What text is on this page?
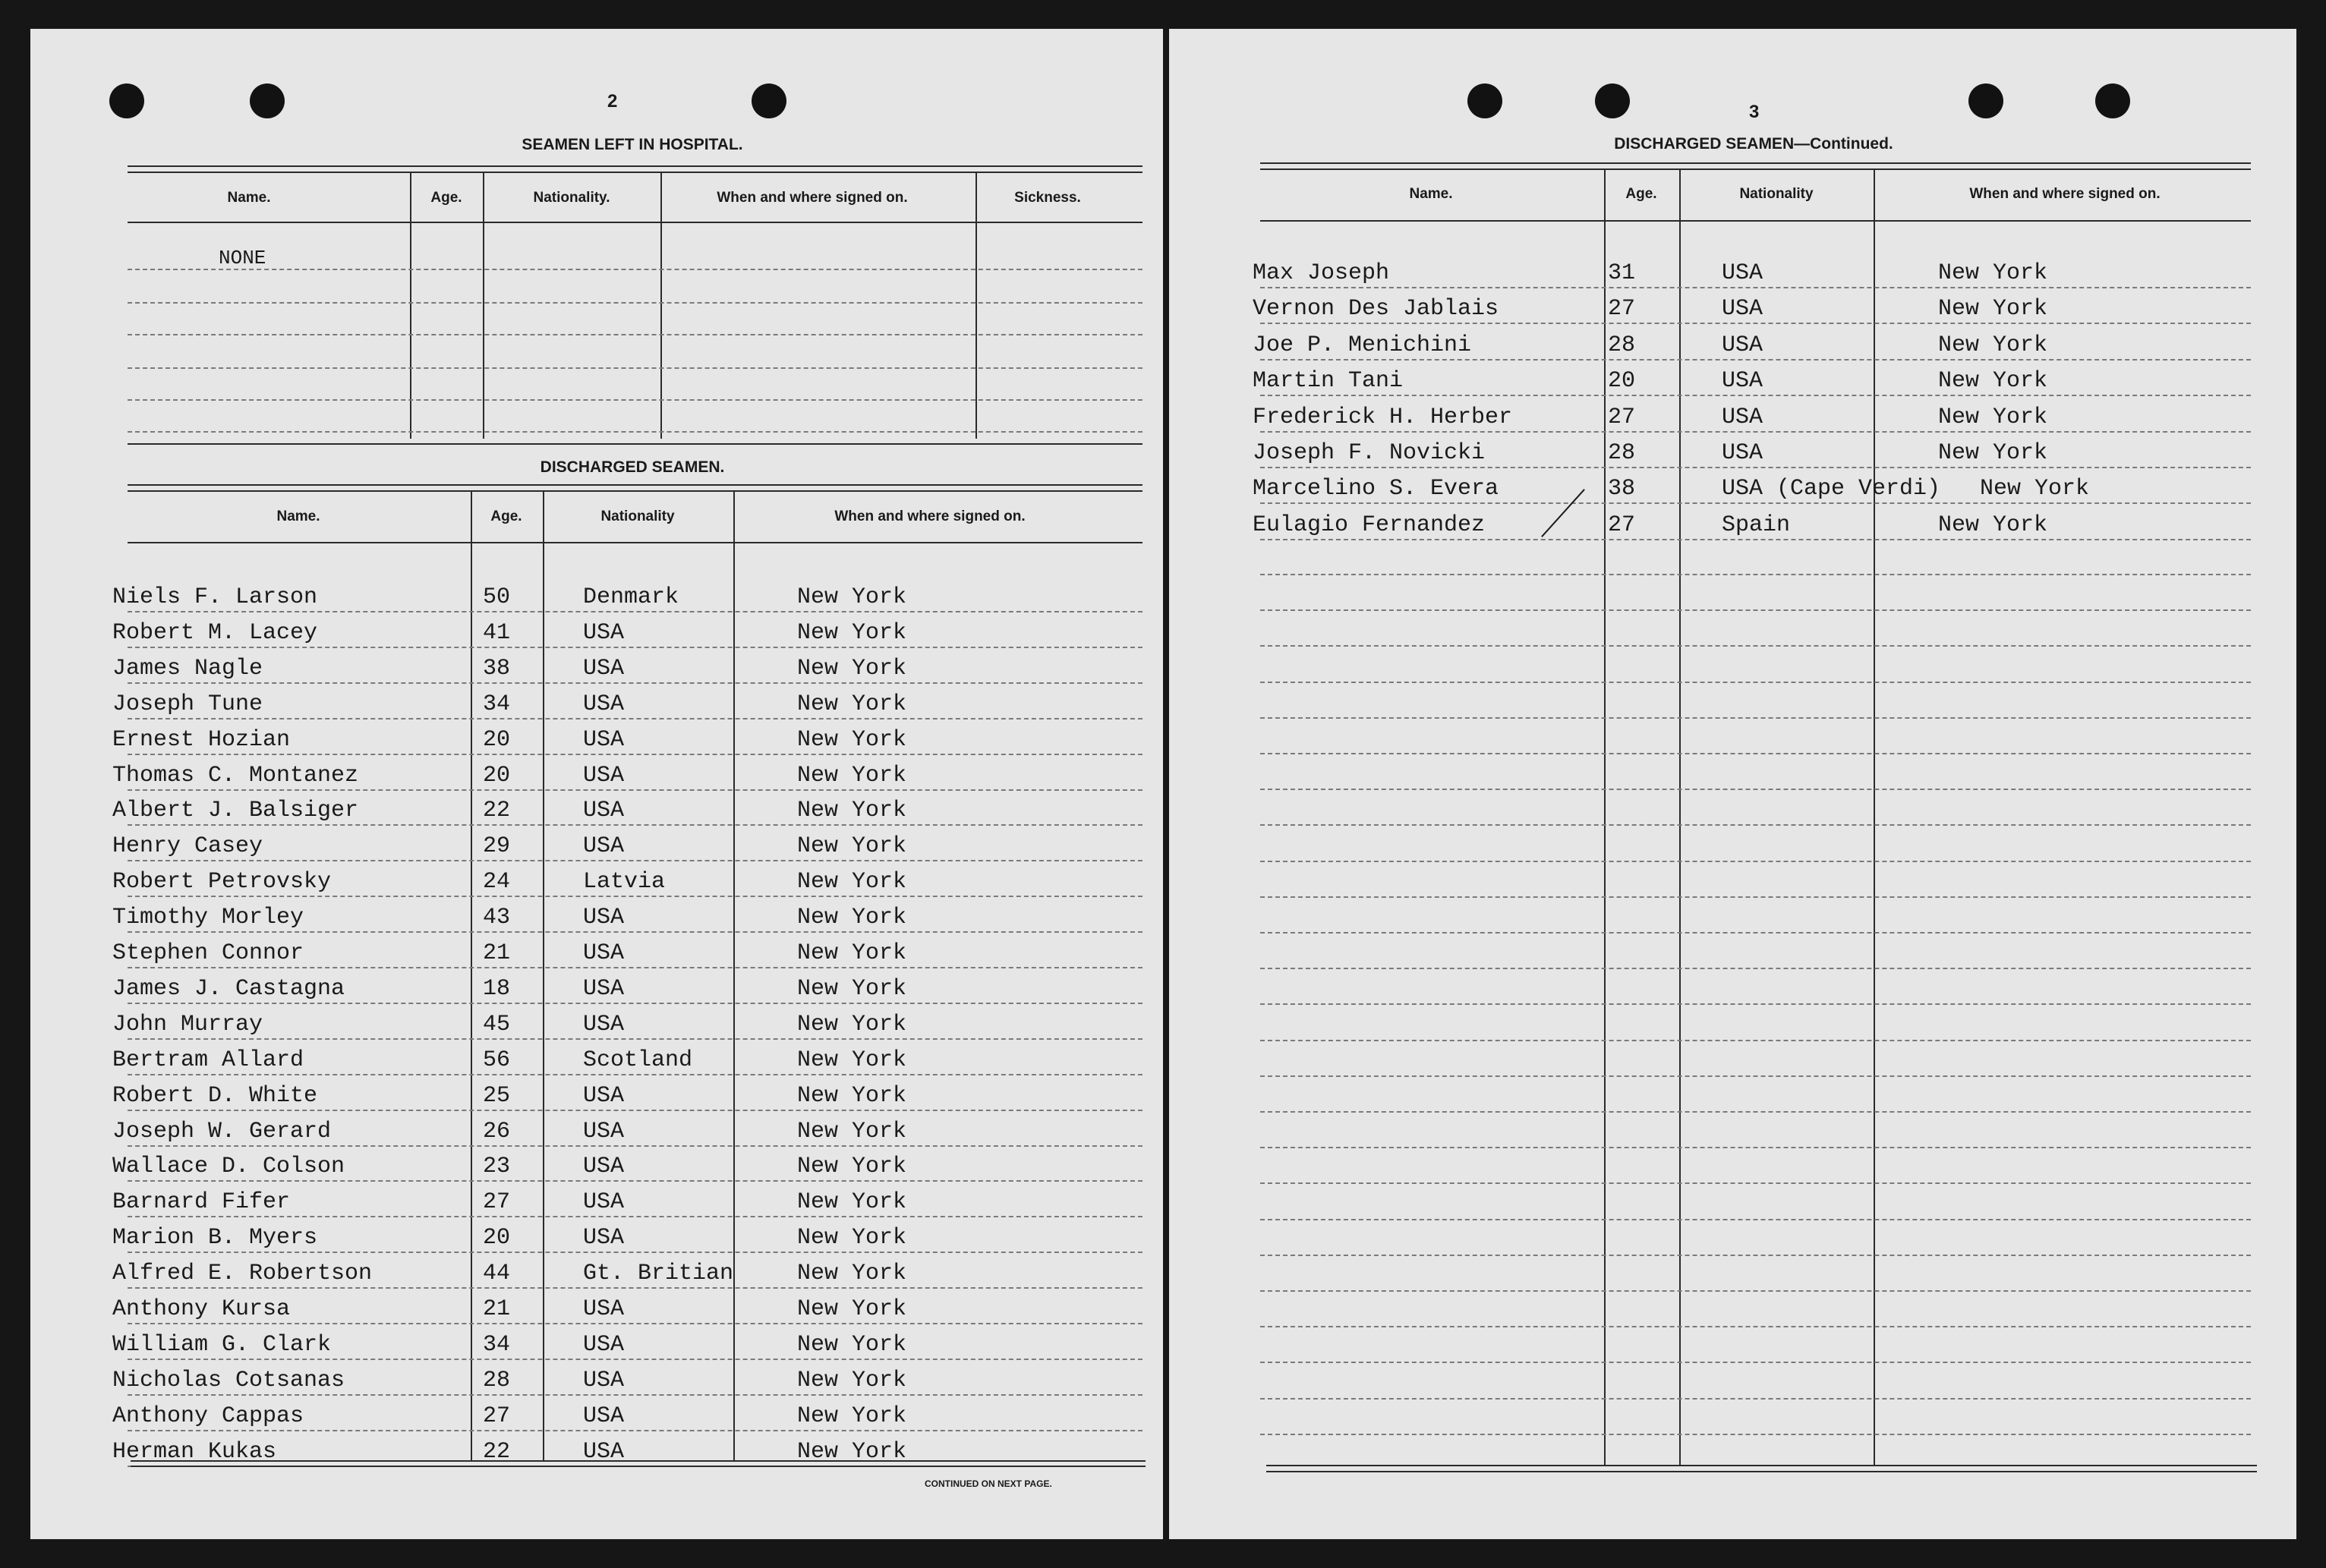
2
SEAMEN LEFT IN HOSPITAL.
Name.	Age.	Nationality.	When and where signed on.	Sickness.
NONE
DISCHARGED SEAMEN.
Name.	Age.	Nationality	When and where signed on.
Niels F. Larson	50	Denmark	New York
Robert M. Lacey	41	USA	New York
James Nagle	38	USA	New York
Joseph Tune	34	USA	New York
Ernest Hozian	20	USA	New York
Thomas C. Montanez	20	USA	New York
Albert J. Balsiger	22	USA	New York
Henry Casey	29	USA	New York
Robert Petrovsky	24	Latvia	New York
Timothy Morley	43	USA	New York
Stephen Connor	21	USA	New York
James J. Castagna	18	USA	New York
John Murray	45	USA	New York
Bertram Allard	56	Scotland	New York
Robert D. White	25	USA	New York
Joseph W. Gerard	26	USA	New York
Wallace D. Colson	23	USA	New York
Barnard Fifer	27	USA	New York
Marion B. Myers	20	USA	New York
Alfred E. Robertson	44	Gt. Britian	New York
Anthony Kursa	21	USA	New York
William G. Clark	34	USA	New York
Nicholas Cotsanas	28	USA	New York
Anthony Cappas	27	USA	New York
Herman Kukas	22	USA	New York
CONTINUED ON NEXT PAGE.
3
DISCHARGED SEAMEN—Continued.
Name.	Age.	Nationality	When and where signed on.
Max Joseph	31	USA	New York
Vernon Des Jablais	27	USA	New York
Joe P. Menichini	28	USA	New York
Martin Tani	20	USA	New York
Frederick H. Herber	27	USA	New York
Joseph F. Novicki	28	USA	New York
Marcelino S. Evera	38	USA (Cape Verdi) New York
Eulagio Fernandez	27	Spain	New York
